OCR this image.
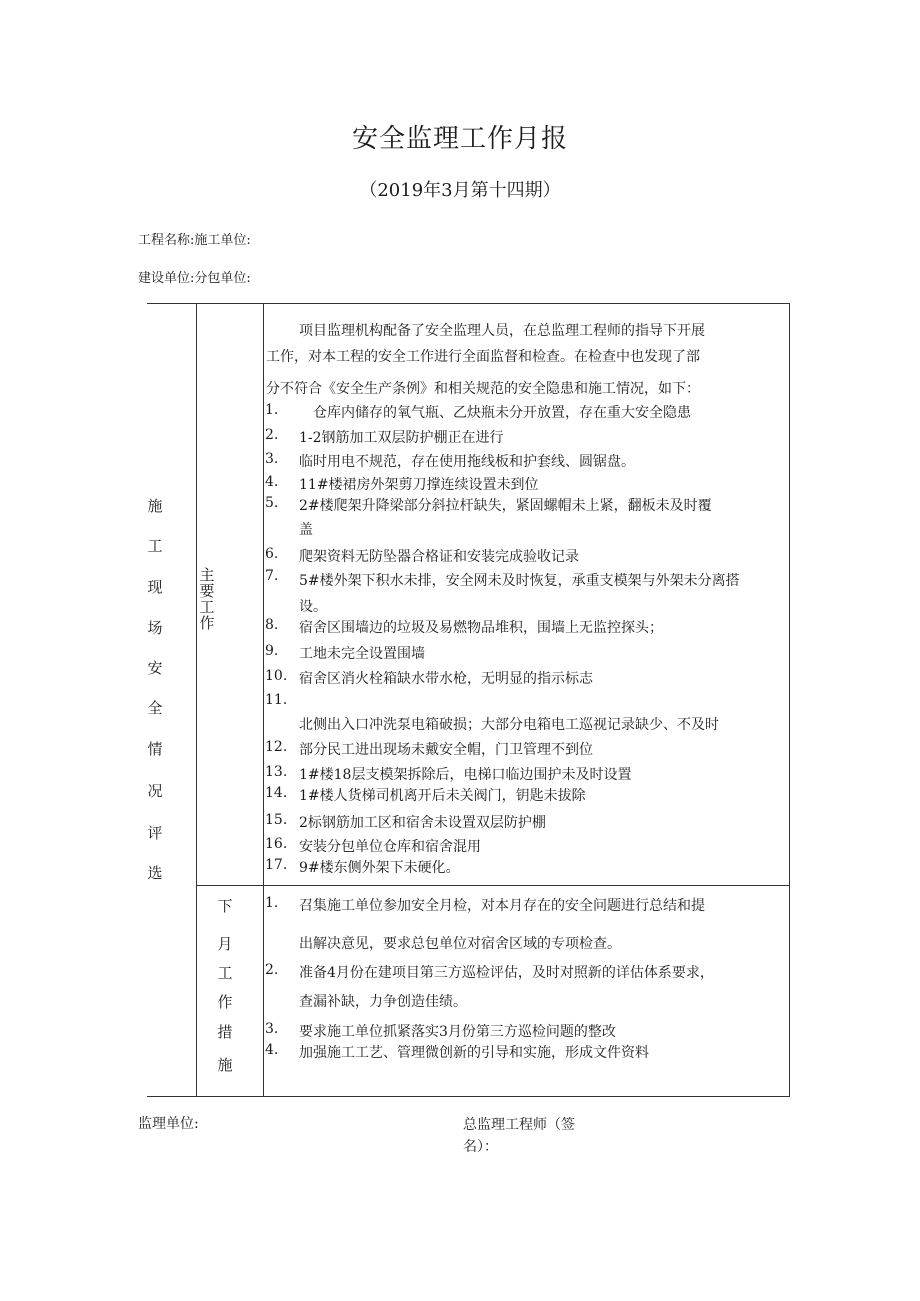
安全监理工作月报
（2019年3月第十四期）
工程名称:施工单位:
建设单位:分包单位:
施
工
现
场
安
全
情
况
评
选
主
要
工
作
下
月
工
作
措
施
项目监理机构配备了安全监理人员，在总监理工程师的指导下开展
工作，对本工程的安全工作进行全面监督和检查。在检查中也发现了部
分不符合《安全生产条例》和相关规范的安全隐患和施工情况，如下：
1. 仓库内储存的氧气瓶、乙炔瓶未分开放置，存在重大安全隐患
2. 1-2钢筋加工双层防护棚正在进行
3. 临时用电不规范，存在使用拖线板和护套线、圆锯盘。
4. 11#楼裙房外架剪刀撑连续设置未到位
5. 2#楼爬架升降梁部分斜拉杆缺失，紧固螺帽未上紧，翻板未及时覆
盖
6. 爬架资料无防坠器合格证和安装完成验收记录
7. 5#楼外架下积水未排，安全网未及时恢复，承重支模架与外架未分离搭
设。
8. 宿舍区围墙边的垃圾及易燃物品堆积，围墙上无监控探头；
9. 工地未完全设置围墙
10. 宿舍区消火栓箱缺水带水枪，无明显的指示标志
11.
北侧出入口冲洗泵电箱破损；大部分电箱电工巡视记录缺少、不及时
12. 部分民工进出现场未戴安全帽，门卫管理不到位
13. 1#楼18层支模架拆除后，电梯口临边围护未及时设置
14. 1#楼人货梯司机离开后未关阀门，钥匙未拔除
15. 2标钢筋加工区和宿舍未设置双层防护棚
16. 安装分包单位仓库和宿舍混用
17. 9#楼东侧外架下未硬化。
1. 召集施工单位参加安全月检，对本月存在的安全问题进行总结和提
出解决意见，要求总包单位对宿舍区域的专项检查。
2. 准备4月份在建项目第三方巡检评估，及时对照新的详估体系要求，
查漏补缺，力争创造佳绩。
3. 要求施工单位抓紧落实3月份第三方巡检问题的整改
4. 加强施工工艺、管理微创新的引导和实施，形成文件资料
监理单位:	总监理工程师（签
名）：
